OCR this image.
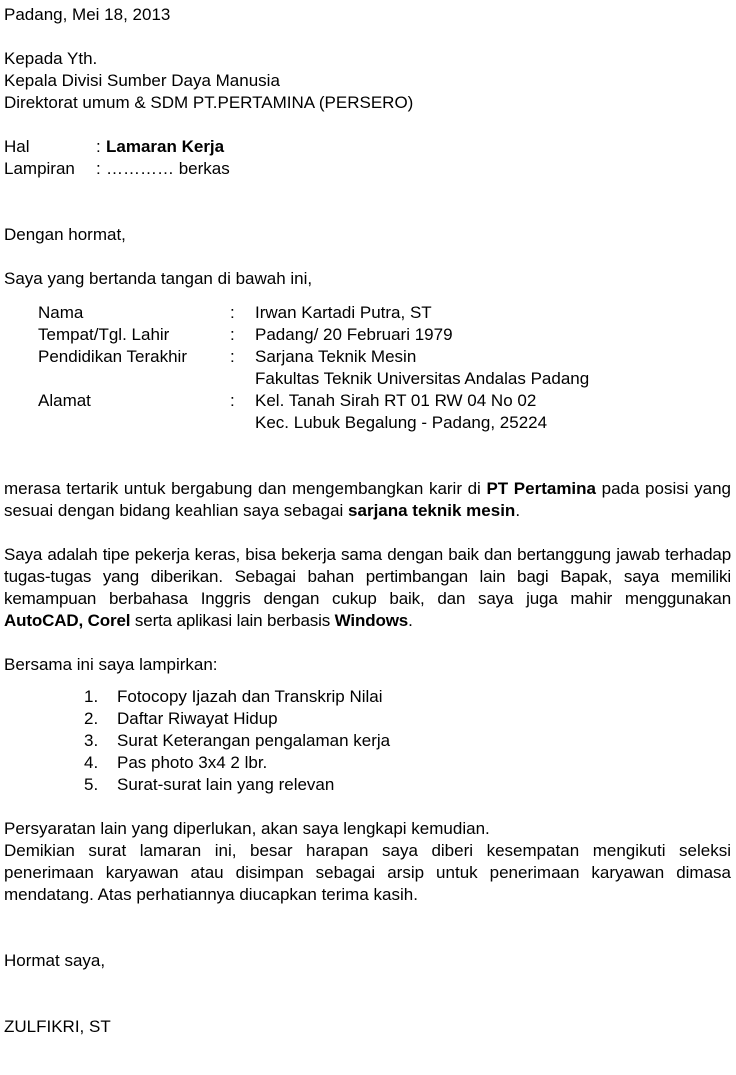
Padang, Mei 18, 2013
Kepada Yth.
Kepala Divisi Sumber Daya Manusia
Direktorat umum & SDM PT.PERTAMINA (PERSERO)
Hal	:	Lamaran Kerja
Lampiran	:	………… berkas
Dengan hormat,
Saya yang bertanda tangan di bawah ini,
Nama	:	Irwan Kartadi Putra, ST
Tempat/Tgl. Lahir	:	Padang/ 20 Februari 1979
Pendidikan Terakhir	:	Sarjana Teknik Mesin
Fakultas Teknik Universitas Andalas Padang

Alamat	:	Kel. Tanah Sirah RT 01 RW 04 No 02
Kec. Lubuk Begalung - Padang, 25224
merasa tertarik untuk bergabung dan mengembangkan karir di PT Pertamina pada posisi yang sesuai dengan bidang keahlian saya sebagai sarjana teknik mesin.
Saya adalah tipe pekerja keras, bisa bekerja sama dengan baik dan bertanggung jawab terhadap tugas-tugas yang diberikan. Sebagai bahan pertimbangan lain bagi Bapak, saya memiliki kemampuan berbahasa Inggris dengan cukup baik, dan saya juga mahir menggunakan AutoCAD, Corel serta aplikasi lain berbasis Windows.
Bersama ini saya lampirkan:
1. Fotocopy Ijazah dan Transkrip Nilai
2. Daftar Riwayat Hidup
3. Surat Keterangan pengalaman kerja
4. Pas photo 3x4 2 lbr.
5. Surat-surat lain yang relevan
Persyaratan lain yang diperlukan, akan saya lengkapi kemudian.
Demikian surat lamaran ini, besar harapan saya diberi kesempatan mengikuti seleksi penerimaan karyawan atau disimpan sebagai arsip untuk penerimaan karyawan dimasa mendatang. Atas perhatiannya diucapkan terima kasih.
Hormat saya,
ZULFIKRI, ST
